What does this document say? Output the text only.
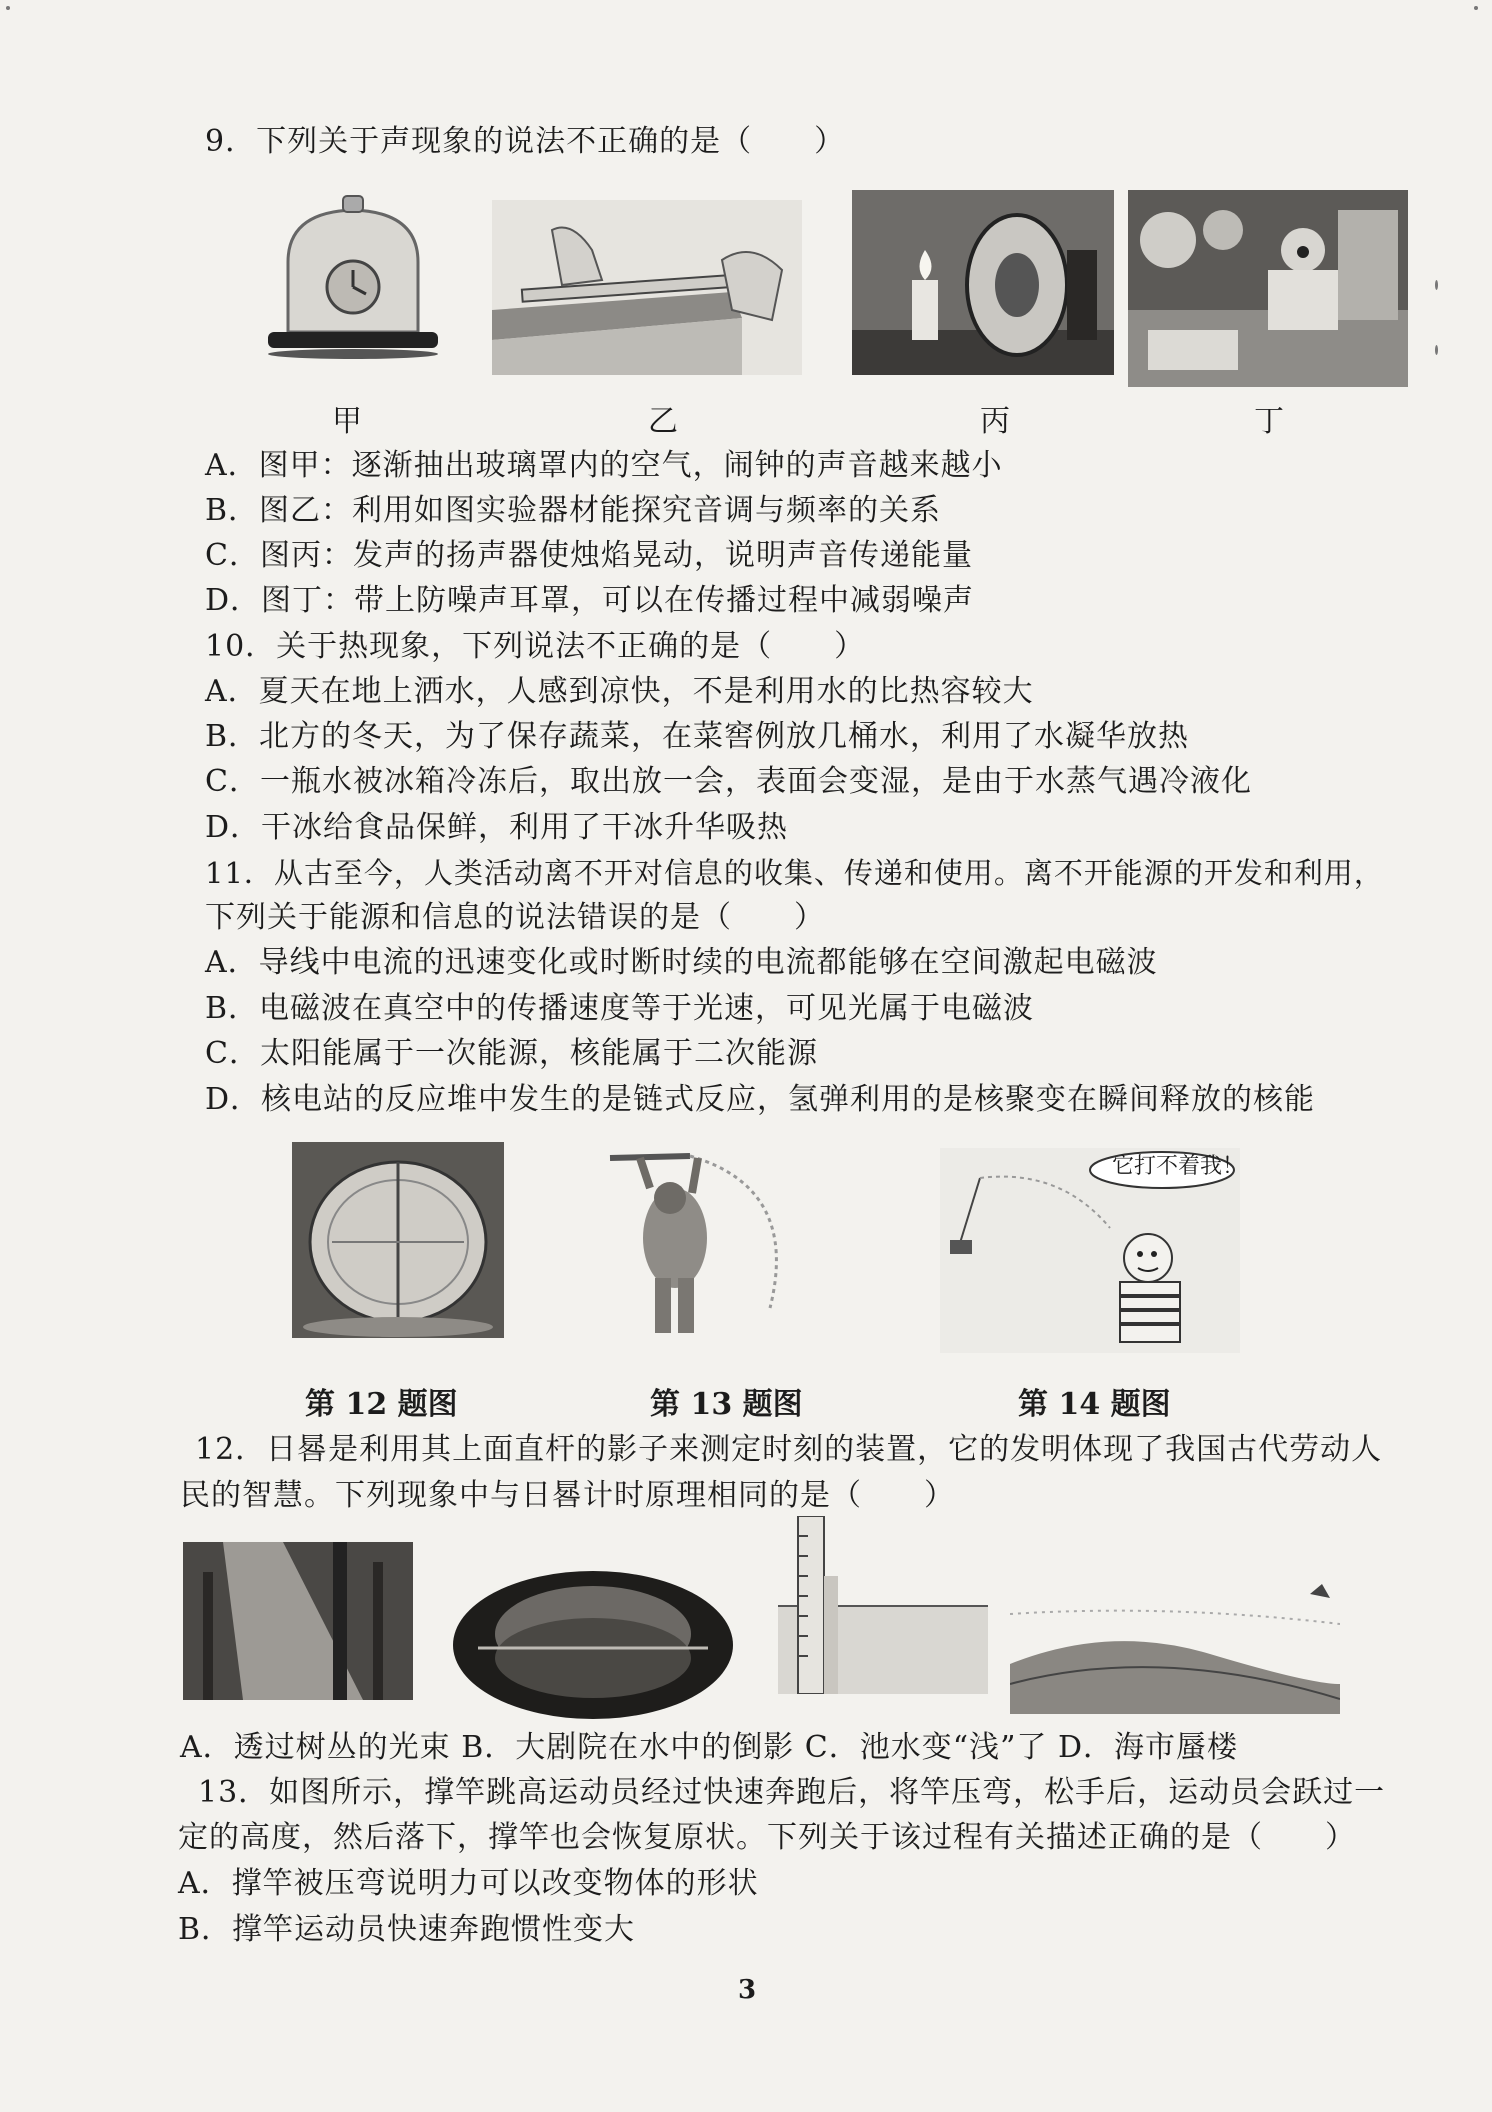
9．下列关于声现象的说法不正确的是（　　）
甲	乙	丙	丁
A．图甲：逐渐抽出玻璃罩内的空气，闹钟的声音越来越小
B．图乙：利用如图实验器材能探究音调与频率的关系
C．图丙：发声的扬声器使烛焰晃动，说明声音传递能量
D．图丁：带上防噪声耳罩，可以在传播过程中减弱噪声
10．关于热现象，下列说法不正确的是（　　）
A．夏天在地上洒水，人感到凉快，不是利用水的比热容较大
B．北方的冬天，为了保存蔬菜，在菜窖例放几桶水，利用了水凝华放热
C．一瓶水被冰箱冷冻后，取出放一会，表面会变湿，是由于水蒸气遇冷液化
D．干冰给食品保鲜，利用了干冰升华吸热
11．从古至今，人类活动离不开对信息的收集、传递和使用。离不开能源的开发和利用，
下列关于能源和信息的说法错误的是（　　）
A．导线中电流的迅速变化或时断时续的电流都能够在空间激起电磁波
B．电磁波在真空中的传播速度等于光速，可见光属于电磁波
C．太阳能属于一次能源，核能属于二次能源
D．核电站的反应堆中发生的是链式反应，氢弹利用的是核聚变在瞬间释放的核能
它打不着我！
第 12 题图	第 13 题图	第 14 题图
12．日晷是利用其上面直杆的影子来测定时刻的装置，它的发明体现了我国古代劳动人
民的智慧。下列现象中与日晷计时原理相同的是（　　）
A．透过树丛的光束 B．大剧院在水中的倒影 C．池水变“浅”了 D．海市蜃楼
13．如图所示，撑竿跳高运动员经过快速奔跑后，将竿压弯，松手后，运动员会跃过一
定的高度，然后落下，撑竿也会恢复原状。下列关于该过程有关描述正确的是（　　）
A．撑竿被压弯说明力可以改变物体的形状
B．撑竿运动员快速奔跑惯性变大
3
